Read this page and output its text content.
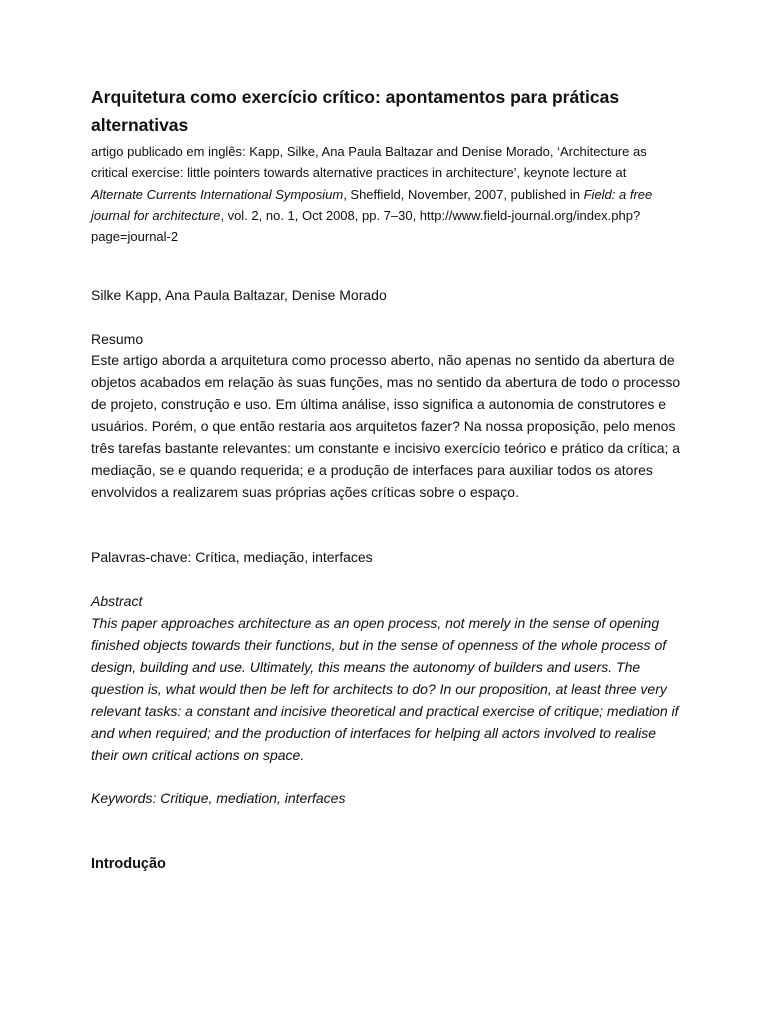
Arquitetura como exercício crítico: apontamentos para práticas alternativas

artigo publicado em inglês: Kapp, Silke, Ana Paula Baltazar and Denise Morado, ‘Architecture as critical exercise: little pointers towards alternative practices in architecture’, keynote lecture at Alternate Currents International Symposium, Sheffield, November, 2007, published in Field: a free journal for architecture, vol. 2, no. 1, Oct 2008, pp. 7–30, http://www.field-journal.org/index.php?page=journal-2

Silke Kapp, Ana Paula Baltazar, Denise Morado

Resumo

Este artigo aborda a arquitetura como processo aberto, não apenas no sentido da abertura de objetos acabados em relação às suas funções, mas no sentido da abertura de todo o processo de projeto, construção e uso. Em última análise, isso significa a autonomia de construtores e usuários. Porém, o que então restaria aos arquitetos fazer? Na nossa proposição, pelo menos três tarefas bastante relevantes: um constante e incisivo exercício teórico e prático da crítica; a mediação, se e quando requerida; e a produção de interfaces para auxiliar todos os atores envolvidos a realizarem suas próprias ações críticas sobre o espaço.

Palavras-chave: Crítica, mediação, interfaces

Abstract

This paper approaches architecture as an open process, not merely in the sense of opening finished objects towards their functions, but in the sense of openness of the whole process of design, building and use. Ultimately, this means the autonomy of builders and users. The question is, what would then be left for architects to do? In our proposition, at least three very relevant tasks: a constant and incisive theoretical and practical exercise of critique; mediation if and when required; and the production of interfaces for helping all actors involved to realise their own critical actions on space.

Keywords: Critique, mediation, interfaces

Introdução
